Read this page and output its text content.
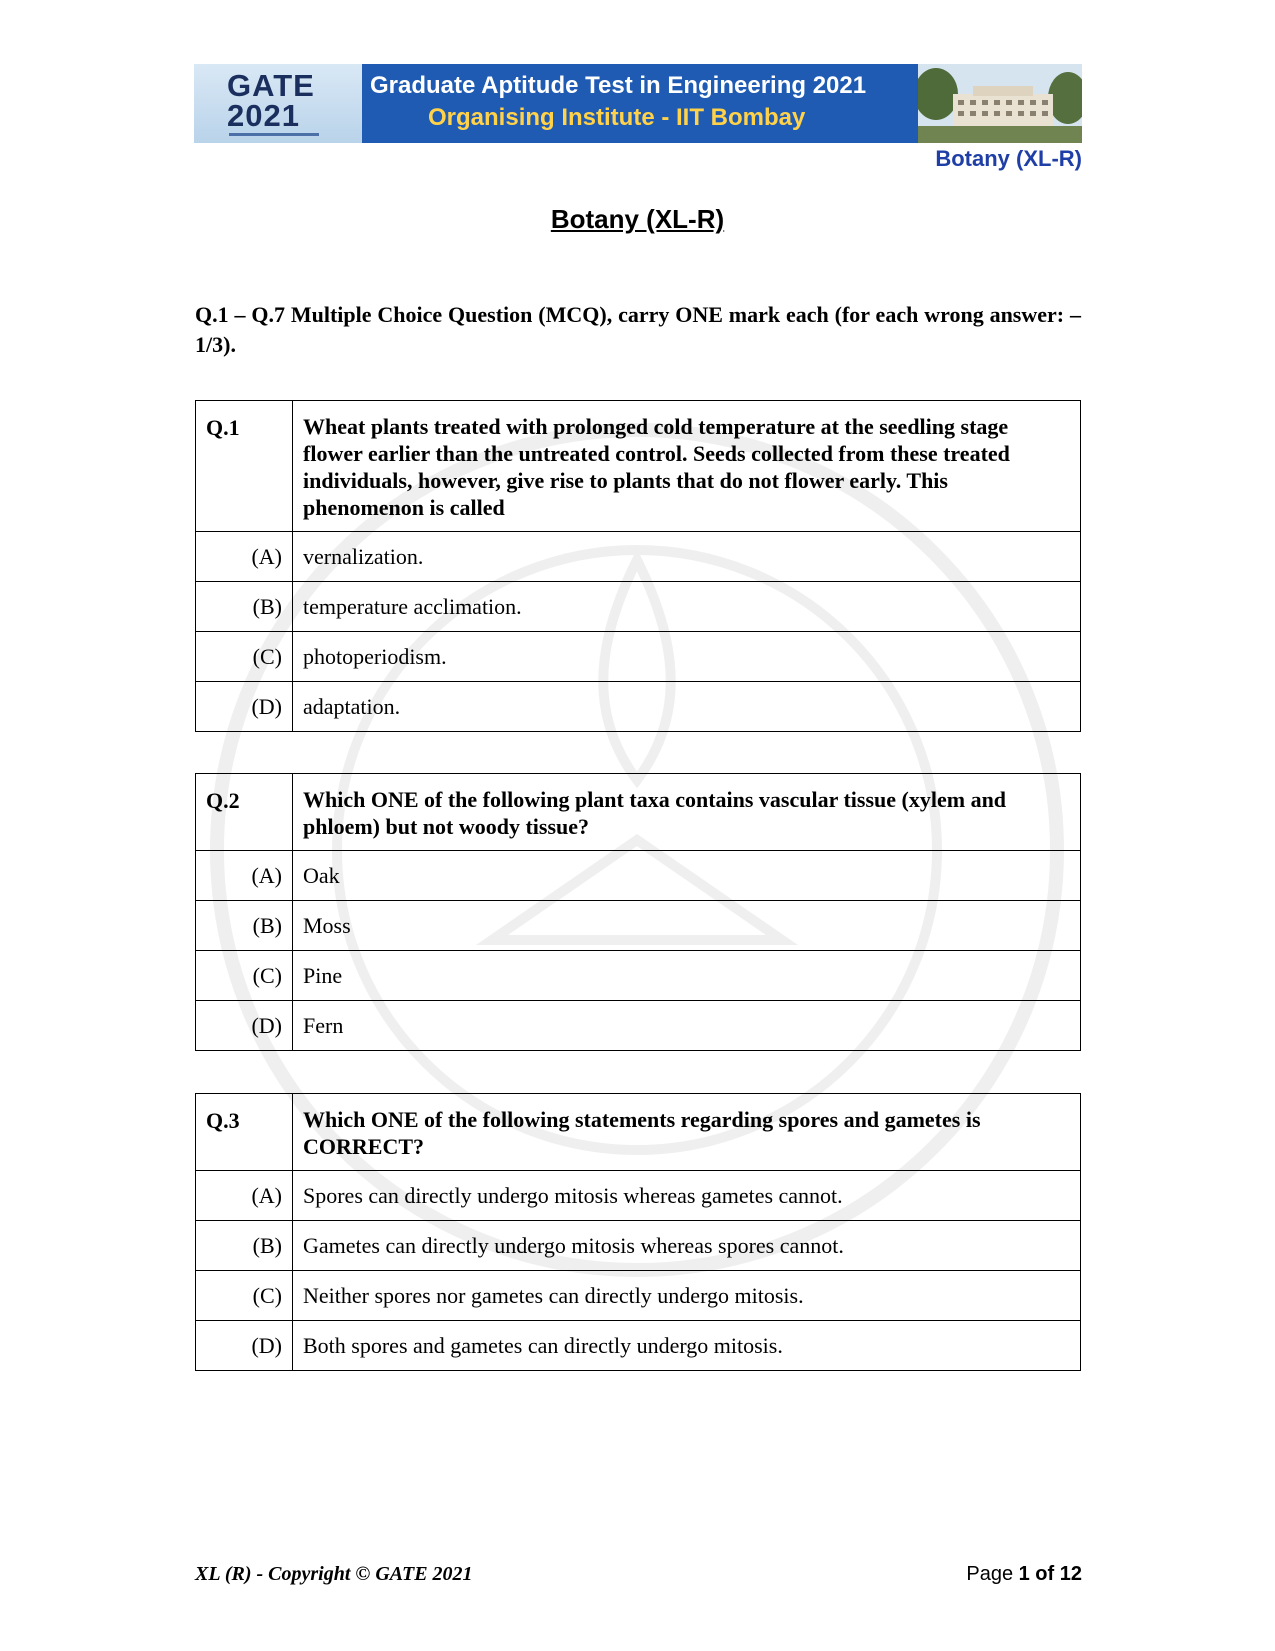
GATE
2021
Graduate Aptitude Test in Engineering 2021
Organising Institute - IIT Bombay
Botany (XL-R)
Botany (XL-R)
Q.1 – Q.7 Multiple Choice Question (MCQ), carry ONE mark each (for each wrong answer: – 1/3).
Q.1	Wheat plants treated with prolonged cold temperature at the seedling stage flower earlier than the untreated control. Seeds collected from these treated individuals, however, give rise to plants that do not flower early. This phenomenon is called
(A)	vernalization.
(B)	temperature acclimation.
(C)	photoperiodism.
(D)	adaptation.
Q.2	Which ONE of the following plant taxa contains vascular tissue (xylem and phloem) but not woody tissue?
(A)	Oak
(B)	Moss
(C)	Pine
(D)	Fern
Q.3	Which ONE of the following statements regarding spores and gametes is CORRECT?
(A)	Spores can directly undergo mitosis whereas gametes cannot.
(B)	Gametes can directly undergo mitosis whereas spores cannot.
(C)	Neither spores nor gametes can directly undergo mitosis.
(D)	Both spores and gametes can directly undergo mitosis.
XL (R) - Copyright © GATE 2021	Page 1 of 12
